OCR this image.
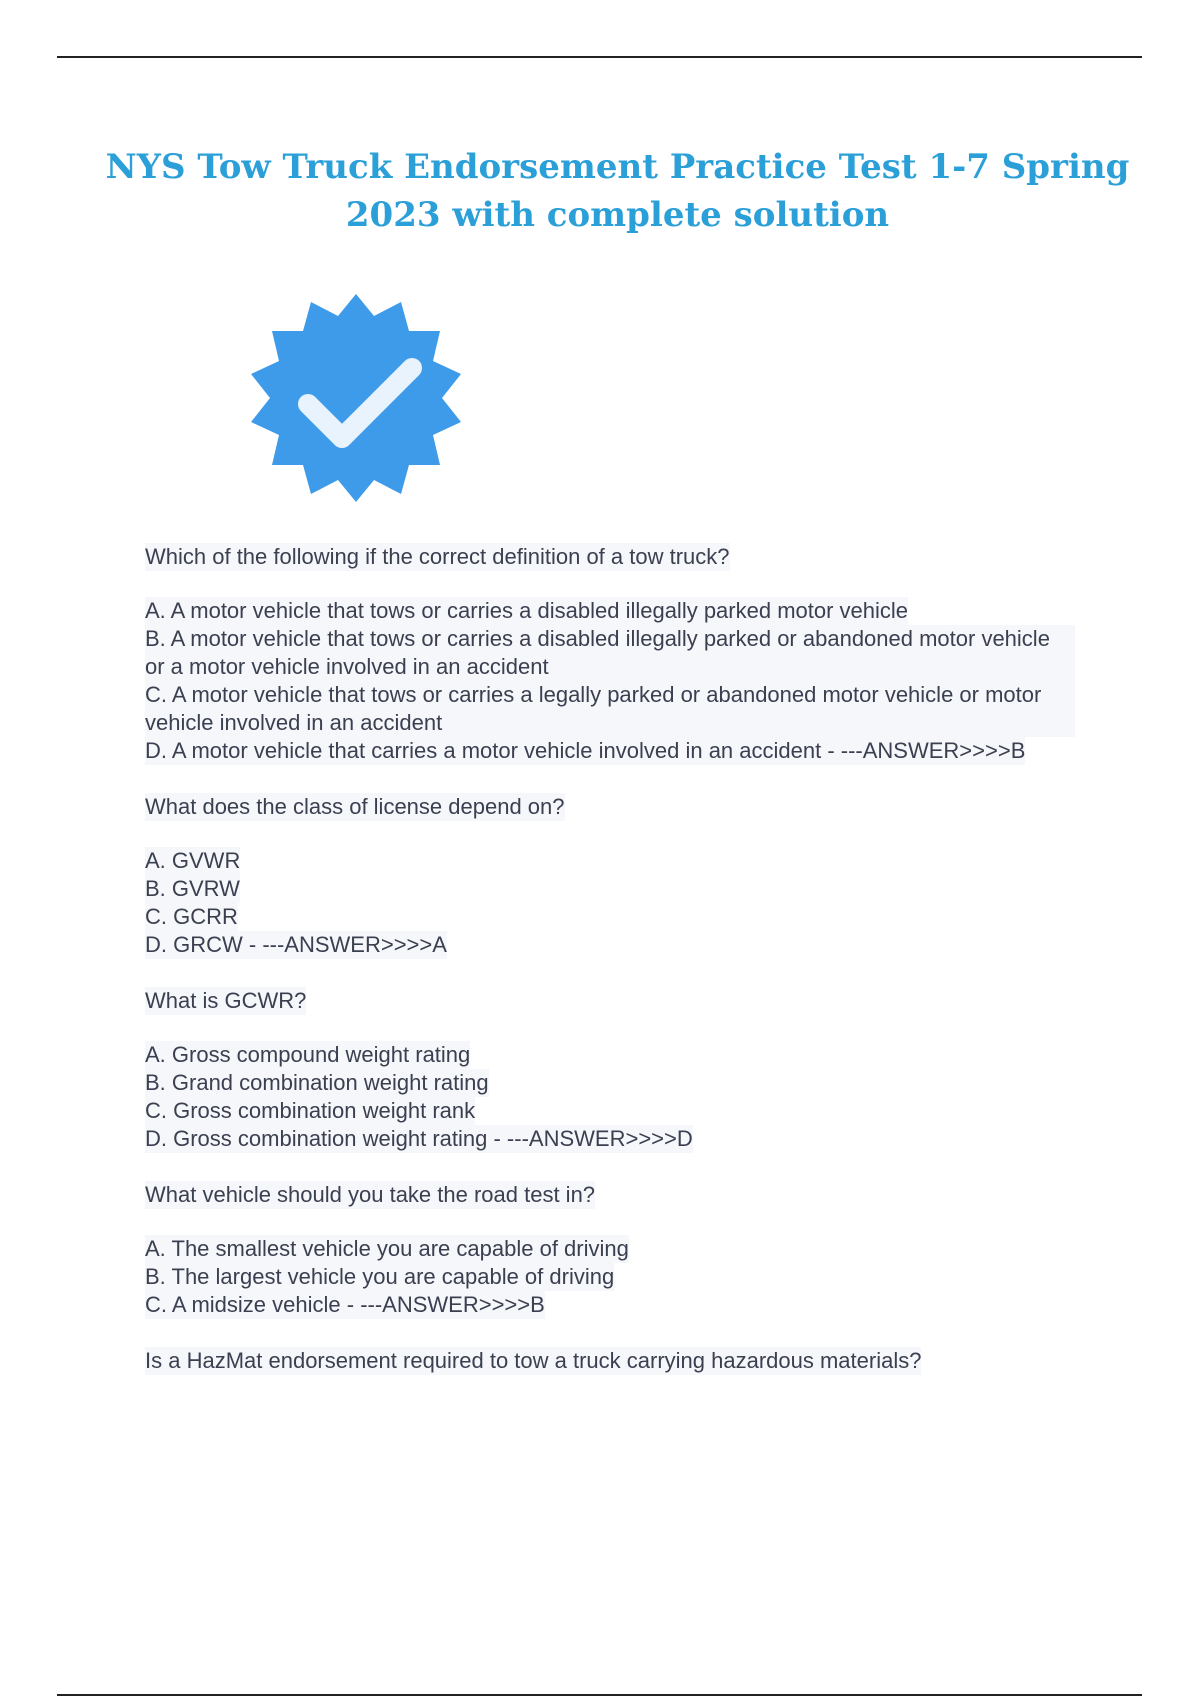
NYS Tow Truck Endorsement Practice Test 1-7 Spring 2023 with complete solution
Which of the following if the correct definition of a tow truck?
A. A motor vehicle that tows or carries a disabled illegally parked motor vehicle
B. A motor vehicle that tows or carries a disabled illegally parked or abandoned motor vehicle or a motor vehicle involved in an accident
C. A motor vehicle that tows or carries a legally parked or abandoned motor vehicle or motor vehicle involved in an accident
D. A motor vehicle that carries a motor vehicle involved in an accident - ---ANSWER>>>>B
What does the class of license depend on?
A. GVWR
B. GVRW
C. GCRR
D. GRCW - ---ANSWER>>>>A
What is GCWR?
A. Gross compound weight rating
B. Grand combination weight rating
C. Gross combination weight rank
D. Gross combination weight rating - ---ANSWER>>>>D
What vehicle should you take the road test in?
A. The smallest vehicle you are capable of driving
B. The largest vehicle you are capable of driving
C. A midsize vehicle - ---ANSWER>>>>B
Is a HazMat endorsement required to tow a truck carrying hazardous materials?
